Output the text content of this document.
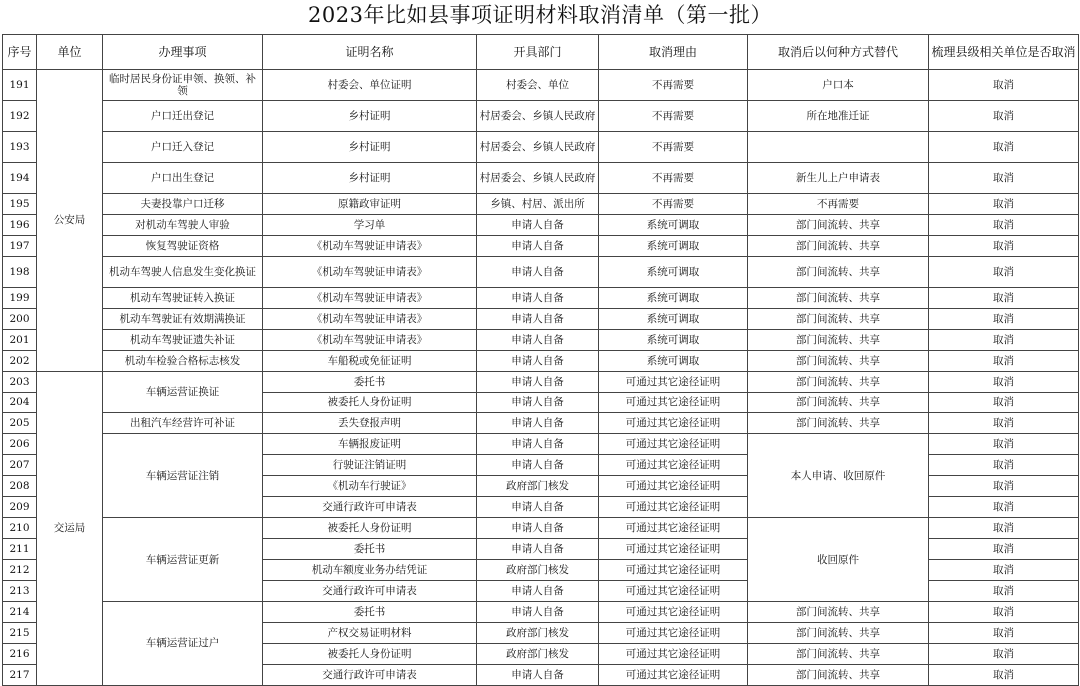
2023年比如县事项证明材料取消清单（第一批）
序号	单位	办理事项	证明名称	开具部门	取消理由	取消后以何种方式替代	梳理县级相关单位是否取消
191	公安局	临时居民身份证申领、换领、补领	村委会、单位证明	村委会、单位	不再需要	户口本	取消
192		户口迁出登记	乡村证明	村居委会、乡镇人民政府	不再需要	所在地准迁证	取消
193		户口迁入登记	乡村证明	村居委会、乡镇人民政府	不再需要		取消
194		户口出生登记	乡村证明	村居委会、乡镇人民政府	不再需要	新生儿上户申请表	取消
195		夫妻投靠户口迁移	原籍政审证明	乡镇、村居、派出所	不再需要	不再需要	取消
196		对机动车驾驶人审验	学习单	申请人自备	系统可调取	部门间流转、共享	取消
197		恢复驾驶证资格	《机动车驾驶证申请表》	申请人自备	系统可调取	部门间流转、共享	取消
198		机动车驾驶人信息发生变化换证	《机动车驾驶证申请表》	申请人自备	系统可调取	部门间流转、共享	取消
199		机动车驾驶证转入换证	《机动车驾驶证申请表》	申请人自备	系统可调取	部门间流转、共享	取消
200		机动车驾驶证有效期满换证	《机动车驾驶证申请表》	申请人自备	系统可调取	部门间流转、共享	取消
201		机动车驾驶证遗失补证	《机动车驾驶证申请表》	申请人自备	系统可调取	部门间流转、共享	取消
202		机动车检验合格标志核发	车船税或免征证明	申请人自备	系统可调取	部门间流转、共享	取消
203	交运局	车辆运营证换证	委托书	申请人自备	可通过其它途径证明	部门间流转、共享	取消
204			被委托人身份证明	申请人自备	可通过其它途径证明	部门间流转、共享	取消
205		出租汽车经营许可补证	丢失登报声明	申请人自备	可通过其它途径证明	部门间流转、共享	取消
206		车辆运营证注销	车辆报废证明	申请人自备	可通过其它途径证明	本人申请、收回原件	取消
207			行驶证注销证明	申请人自备	可通过其它途径证明		取消
208			《机动车行驶证》	政府部门核发	可通过其它途径证明		取消
209			交通行政许可申请表	申请人自备	可通过其它途径证明		取消
210		车辆运营证更新	被委托人身份证明	申请人自备	可通过其它途径证明	收回原件	取消
211			委托书	申请人自备	可通过其它途径证明		取消
212			机动车额度业务办结凭证	政府部门核发	可通过其它途径证明		取消
213			交通行政许可申请表	申请人自备	可通过其它途径证明		取消
214		车辆运营证过户	委托书	申请人自备	可通过其它途径证明	部门间流转、共享	取消
215			产权交易证明材料	政府部门核发	可通过其它途径证明	部门间流转、共享	取消
216			被委托人身份证明	政府部门核发	可通过其它途径证明	部门间流转、共享	取消
217			交通行政许可申请表	申请人自备	可通过其它途径证明	部门间流转、共享	取消
